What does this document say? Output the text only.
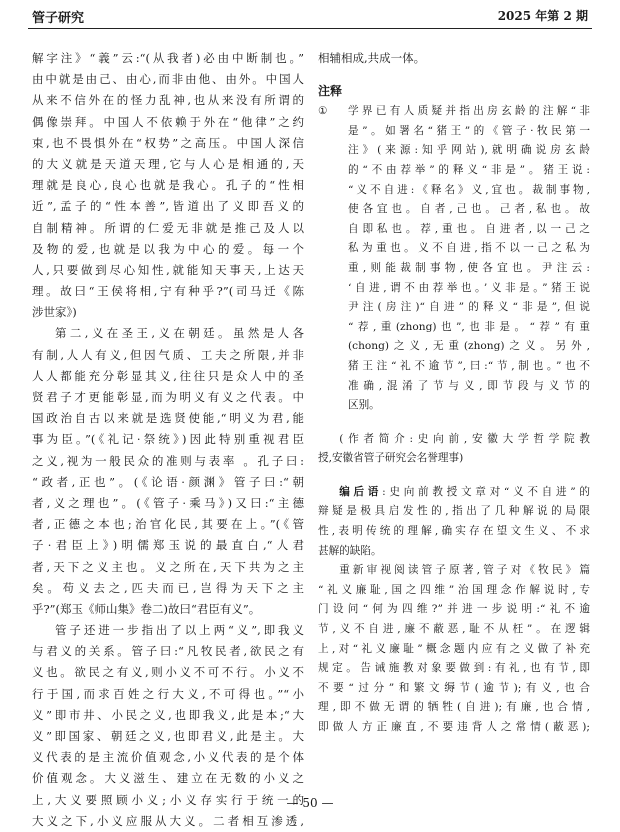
管子研究	2025 年第 2 期
解字注》“義”云:“(从我者)必由中断制也。”
由中就是由己、由心,而非由他、由外。中国人
从来不信外在的怪力乱神,也从来没有所谓的
偶像崇拜。中国人不依赖于外在“他律”之约
束,也不畏惧外在“权势”之高压。中国人深信
的大义就是天道天理,它与人心是相通的,天
理就是良心,良心也就是我心。孔子的“性相
近”,孟子的“性本善”,皆道出了义即吾义的
自制精神。所谓的仁爱无非就是推己及人以
及物的爱,也就是以我为中心的爱。每一个
人,只要做到尽心知性,就能知天事天,上达天
理。故曰“王侯将相,宁有种乎?”(司马迁《陈
涉世家》)
第二,义在圣王,义在朝廷。虽然是人各
有制,人人有义,但因气质、工夫之所限,并非
人人都能充分彰显其义,往往只是众人中的圣
贤君子才更能彰显,而为明义有义之代表。中
国政治自古以来就是选贤使能,“明义为君,能
事为臣。”(《礼记·祭统》)因此特别重视君臣
之义,视为一般民众的准则与表率 。孔子曰:
“政者,正也”。(《论语·颜渊》管子曰:“朝
者,义之理也”。(《管子·乘马》)又曰:“主德
者,正德之本也;治官化民,其要在上。”(《管
子·君臣上》)明儒郑玉说的最直白,“人君
者,天下之义主也。义之所在,天下共为之主
矣。苟义去之,匹夫而已,岂得为天下之主
乎?”(郑玉《师山集》卷二)故曰“君臣有义”。
管子还进一步指出了以上两“义”,即我义
与君义的关系。管子曰:“凡牧民者,欲民之有
义也。欲民之有义,则小义不可不行。小义不
行于国,而求百姓之行大义,不可得也。”“小
义”即市井、小民之义,也即我义,此是本;“大
义”即国家、朝廷之义,也即君义,此是主。大
义代表的是主流价值观念,小义代表的是个体
价值观念。大义滋生、建立在无数的小义之
上,大义要照顾小义;小义存实行于统一的
大义之下,小义应服从大义。二者相互渗透,
相辅相成,共成一体。
注释
① 学界已有人质疑并指出房玄龄的注解“非
是”。如署名“猪王”的《管子·牧民第一
注》(来源:知乎网站),就明确说房玄龄
的“不由荐举”的释义“非是”。猪王说:
“义不自进:《释名》义,宜也。裁制事物,
使各宜也。自者,己也。己者,私也。故
自即私也。荐,重也。自进者,以一己之
私为重也。义不自进,指不以一己之私为
重,则能裁制事物,使各宜也。尹注云:
‘自进,谓不由荐举也。’义非是。”猪王说
尹注(房注)“自进”的释义“非是”,但说
“荐,重(zhong)也”,也非是。“荐”有重
(chong)之义,无重(zhong)之义。另外,
猪王注“礼不逾节”,曰:“节,制也。”也不
准确,混淆了节与义,即节段与义节的
区别。
(作者简介:史向前,安徽大学哲学院教
授,安徽省管子研究会名誉理事)
编后语:史向前教授文章对“义不自进”的
辩疑是极具启发性的,指出了几种解说的局限
性,表明传统的理解,确实存在望文生义、不求
甚解的缺陷。
重新审视阅读管子原著,管子对《牧民》篇
“礼义廉耻,国之四维”治国理念作解说时,专
门设问“何为四维?”并进一步说明:“礼不逾
节,义不自进,廉不蔽恶,耻不从枉”。在逻辑
上,对“礼义廉耻”概念题内应有之义做了补充
规定。告诫施教对象要做到:有礼,也有节,即
不要“过分”和繁文缛节(逾节);有义,也合
理,即不做无谓的牺牲(自进);有廉,也合情,
即做人方正廉直,不要违背人之常情(蔽恶);
— 50 —
